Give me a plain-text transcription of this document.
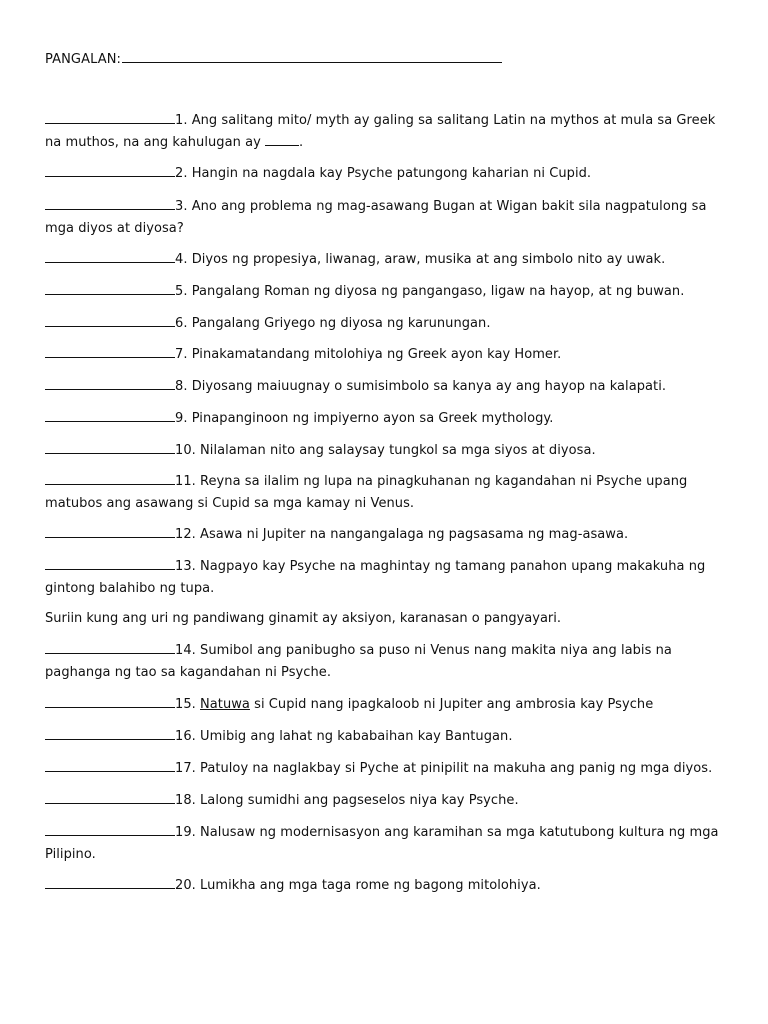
PANGALAN:
1. Ang salitang mito/ myth ay galing sa salitang Latin na mythos at mula sa Greek na muthos, na ang kahulugan ay	.
2. Hangin na nagdala kay Psyche patungong kaharian ni Cupid.
3. Ano ang problema ng mag-asawang Bugan at Wigan bakit sila nagpatulong sa mga diyos at diyosa?
4. Diyos ng propesiya, liwanag, araw, musika at ang simbolo nito ay uwak.
5. Pangalang Roman ng diyosa ng pangangaso, ligaw na hayop, at ng buwan.
6. Pangalang Griyego ng diyosa ng karunungan.
7. Pinakamatandang mitolohiya ng Greek ayon kay Homer.
8. Diyosang maiuugnay o sumisimbolo sa kanya ay ang hayop na kalapati.
9. Pinapanginoon ng impiyerno ayon sa Greek mythology.
10. Nilalaman nito ang salaysay tungkol sa mga siyos at diyosa.
11. Reyna sa ilalim ng lupa na pinagkuhanan ng kagandahan ni Psyche upang matubos ang asawang si Cupid sa mga kamay ni Venus.
12. Asawa ni Jupiter na nangangalaga ng pagsasama ng mag-asawa.
13. Nagpayo kay Psyche na maghintay ng tamang panahon upang makakuha ng gintong balahibo ng tupa.
Suriin kung ang uri ng pandiwang ginamit ay aksiyon, karanasan o pangyayari.
14. Sumibol ang panibugho sa puso ni Venus nang makita niya ang labis na paghanga ng tao sa kagandahan ni Psyche.
15. Natuwa si Cupid nang ipagkaloob ni Jupiter ang ambrosia kay Psyche
16. Umibig ang lahat ng kababaihan kay Bantugan.
17. Patuloy na naglakbay si Pyche at pinipilit na makuha ang panig ng mga diyos.
18. Lalong sumidhi ang pagseselos niya kay Psyche.
19. Nalusaw ng modernisasyon ang karamihan sa mga katutubong kultura ng mga Pilipino.
20. Lumikha ang mga taga rome ng bagong mitolohiya.
